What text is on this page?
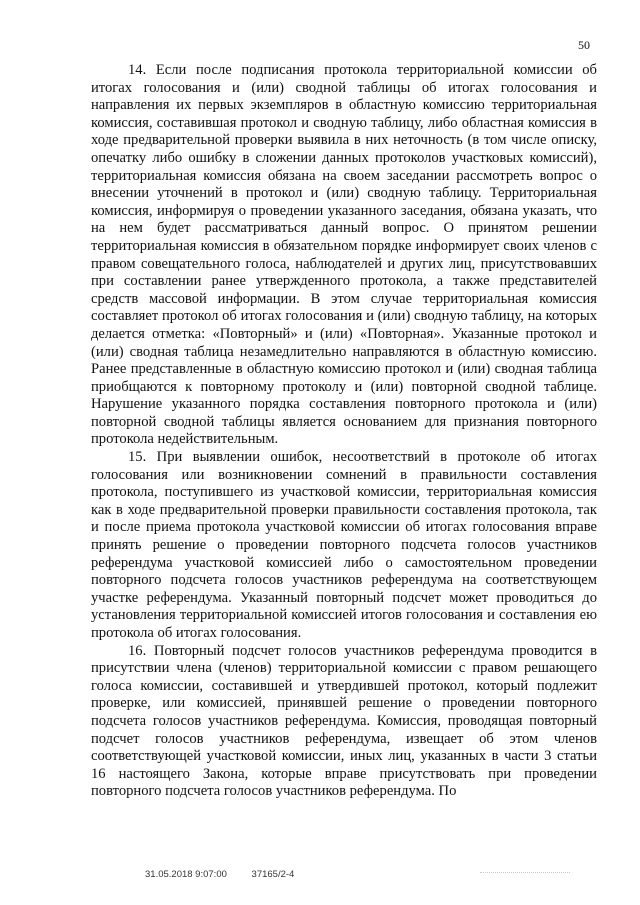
50

14. Если после подписания протокола территориальной комиссии об итогах голосования и (или) сводной таблицы об итогах голосования и направления их первых экземпляров в областную комиссию территориальная комиссия, составившая протокол и сводную таблицу, либо областная комиссия в ходе предварительной проверки выявила в них неточность (в том числе описку, опечатку либо ошибку в сложении данных протоколов участковых комиссий), территориальная комиссия обязана на своем заседании рассмотреть вопрос о внесении уточнений в протокол и (или) сводную таблицу. Территориальная комиссия, информируя о проведении указанного заседания, обязана указать, что на нем будет рассматриваться данный вопрос. О принятом решении территориальная комиссия в обязательном порядке информирует своих членов с правом совещательного голоса, наблюдателей и других лиц, присутствовавших при составлении ранее утвержденного протокола, а также представителей средств массовой информации. В этом случае территориальная комиссия составляет протокол об итогах голосования и (или) сводную таблицу, на которых делается отметка: «Повторный» и (или) «Повторная». Указанные протокол и (или) сводная таблица незамедлительно направляются в областную комиссию. Ранее представленные в областную комиссию протокол и (или) сводная таблица приобщаются к повторному протоколу и (или) повторной сводной таблице. Нарушение указанного порядка составления повторного протокола и (или) повторной сводной таблицы является основанием для признания повторного протокола недействительным.

15. При выявлении ошибок, несоответствий в протоколе об итогах голосования или возникновении сомнений в правильности составления протокола, поступившего из участковой комиссии, территориальная комиссия как в ходе предварительной проверки правильности составления протокола, так и после приема протокола участковой комиссии об итогах голосования вправе принять решение о проведении повторного подсчета голосов участников референдума участковой комиссией либо о самостоятельном проведении повторного подсчета голосов участников референдума на соответствующем участке референдума. Указанный повторный подсчет может проводиться до установления территориальной комиссией итогов голосования и составления ею протокола об итогах голосования.

16. Повторный подсчет голосов участников референдума проводится в присутствии члена (членов) территориальной комиссии с правом решающего голоса комиссии, составившей и утвердившей протокол, который подлежит проверке, или комиссией, принявшей решение о проведении повторного подсчета голосов участников референдума. Комиссия, проводящая повторный подсчет голосов участников референдума, извещает об этом членов соответствующей участковой комиссии, иных лиц, указанных в части 3 статьи 16 настоящего Закона, которые вправе присутствовать при проведении повторного подсчета голосов участников референдума. По

31.05.2018 9:07:00	37165/2-4
